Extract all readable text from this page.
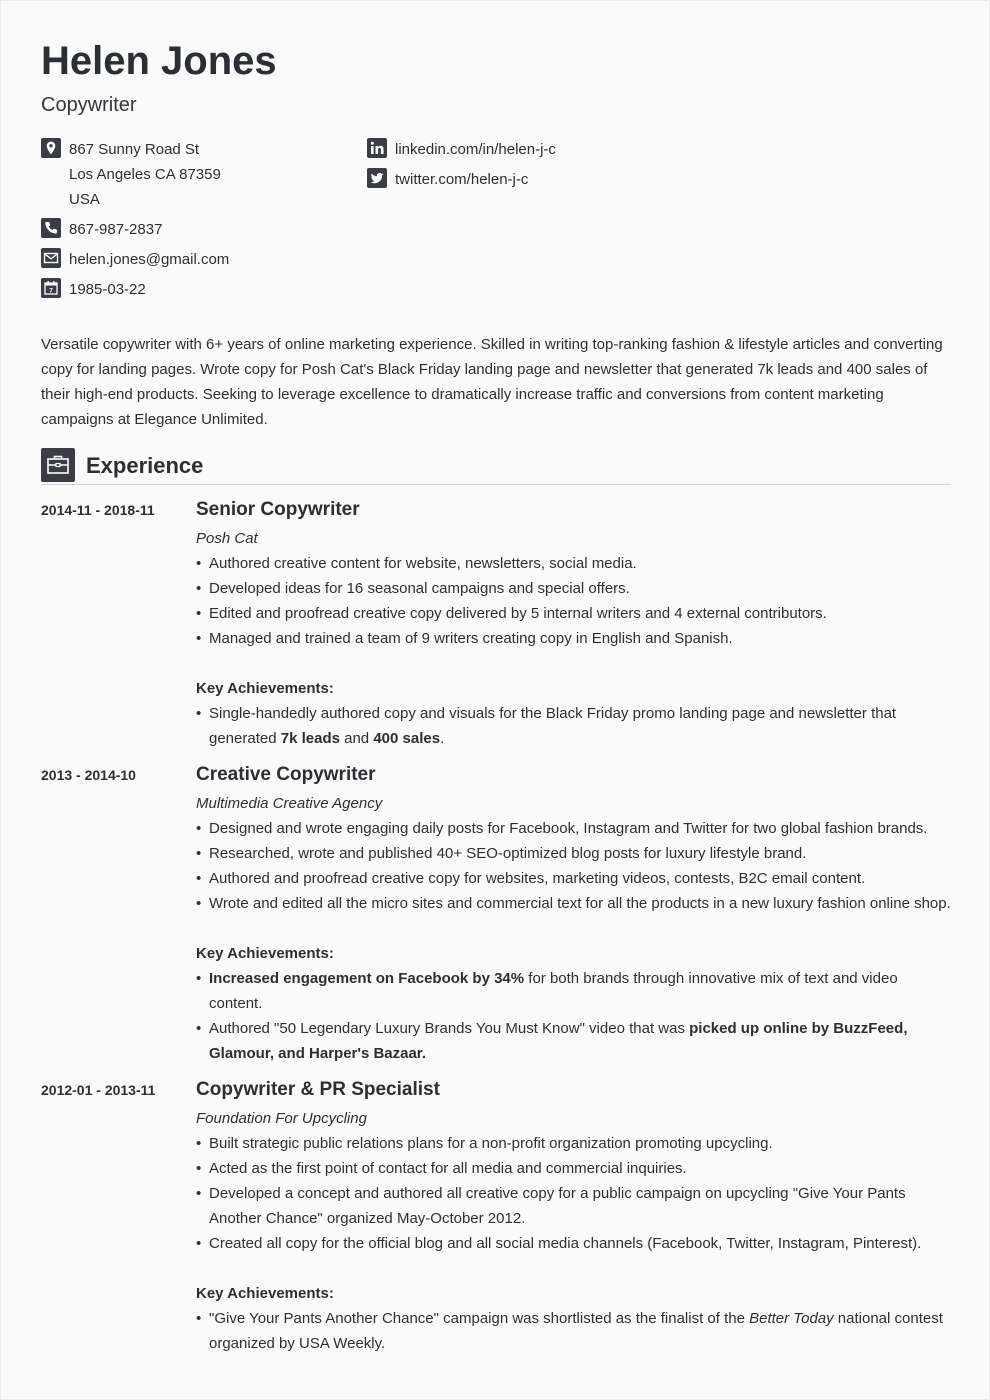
Helen Jones
Copywriter
867 Sunny Road St
Los Angeles CA 87359
USA
867-987-2837
helen.jones@gmail.com
7 1985-03-22
linkedin.com/in/helen-j-c
twitter.com/helen-j-c

Versatile copywriter with 6+ years of online marketing experience. Skilled in writing top-ranking fashion & lifestyle articles and converting copy for landing pages. Wrote copy for Posh Cat's Black Friday landing page and newsletter that generated 7k leads and 400 sales of their high-end products. Seeking to leverage excellence to dramatically increase traffic and conversions from content marketing campaigns at Elegance Unlimited.

Experience
2014-11 - 2018-11 Senior Copywriter
Posh Cat
• Authored creative content for website, newsletters, social media.
• Developed ideas for 16 seasonal campaigns and special offers.
• Edited and proofread creative copy delivered by 5 internal writers and 4 external contributors.
• Managed and trained a team of 9 writers creating copy in English and Spanish.
Key Achievements:
• Single-handedly authored copy and visuals for the Black Friday promo landing page and newsletter that generated 7k leads and 400 sales.
2013 - 2014-10	Creative Copywriter
Multimedia Creative Agency
• Designed and wrote engaging daily posts for Facebook, Instagram and Twitter for two global fashion brands.
• Researched, wrote and published 40+ SEO-optimized blog posts for luxury lifestyle brand.
• Authored and proofread creative copy for websites, marketing videos, contests, B2C email content.
• Wrote and edited all the micro sites and commercial text for all the products in a new luxury fashion online shop.
Key Achievements:
• Increased engagement on Facebook by 34% for both brands through innovative mix of text and video content.
• Authored "50 Legendary Luxury Brands You Must Know" video that was picked up online by BuzzFeed, Glamour, and Harper's Bazaar.
2012-01 - 2013-11 Copywriter & PR Specialist
Foundation For Upcycling
• Built strategic public relations plans for a non-profit organization promoting upcycling.
• Acted as the first point of contact for all media and commercial inquiries.
• Developed a concept and authored all creative copy for a public campaign on upcycling "Give Your Pants Another Chance" organized May-October 2012.
• Created all copy for the official blog and all social media channels (Facebook, Twitter, Instagram, Pinterest).
Key Achievements:
• "Give Your Pants Another Chance" campaign was shortlisted as the finalist of the Better Today national contest organized by USA Weekly.
